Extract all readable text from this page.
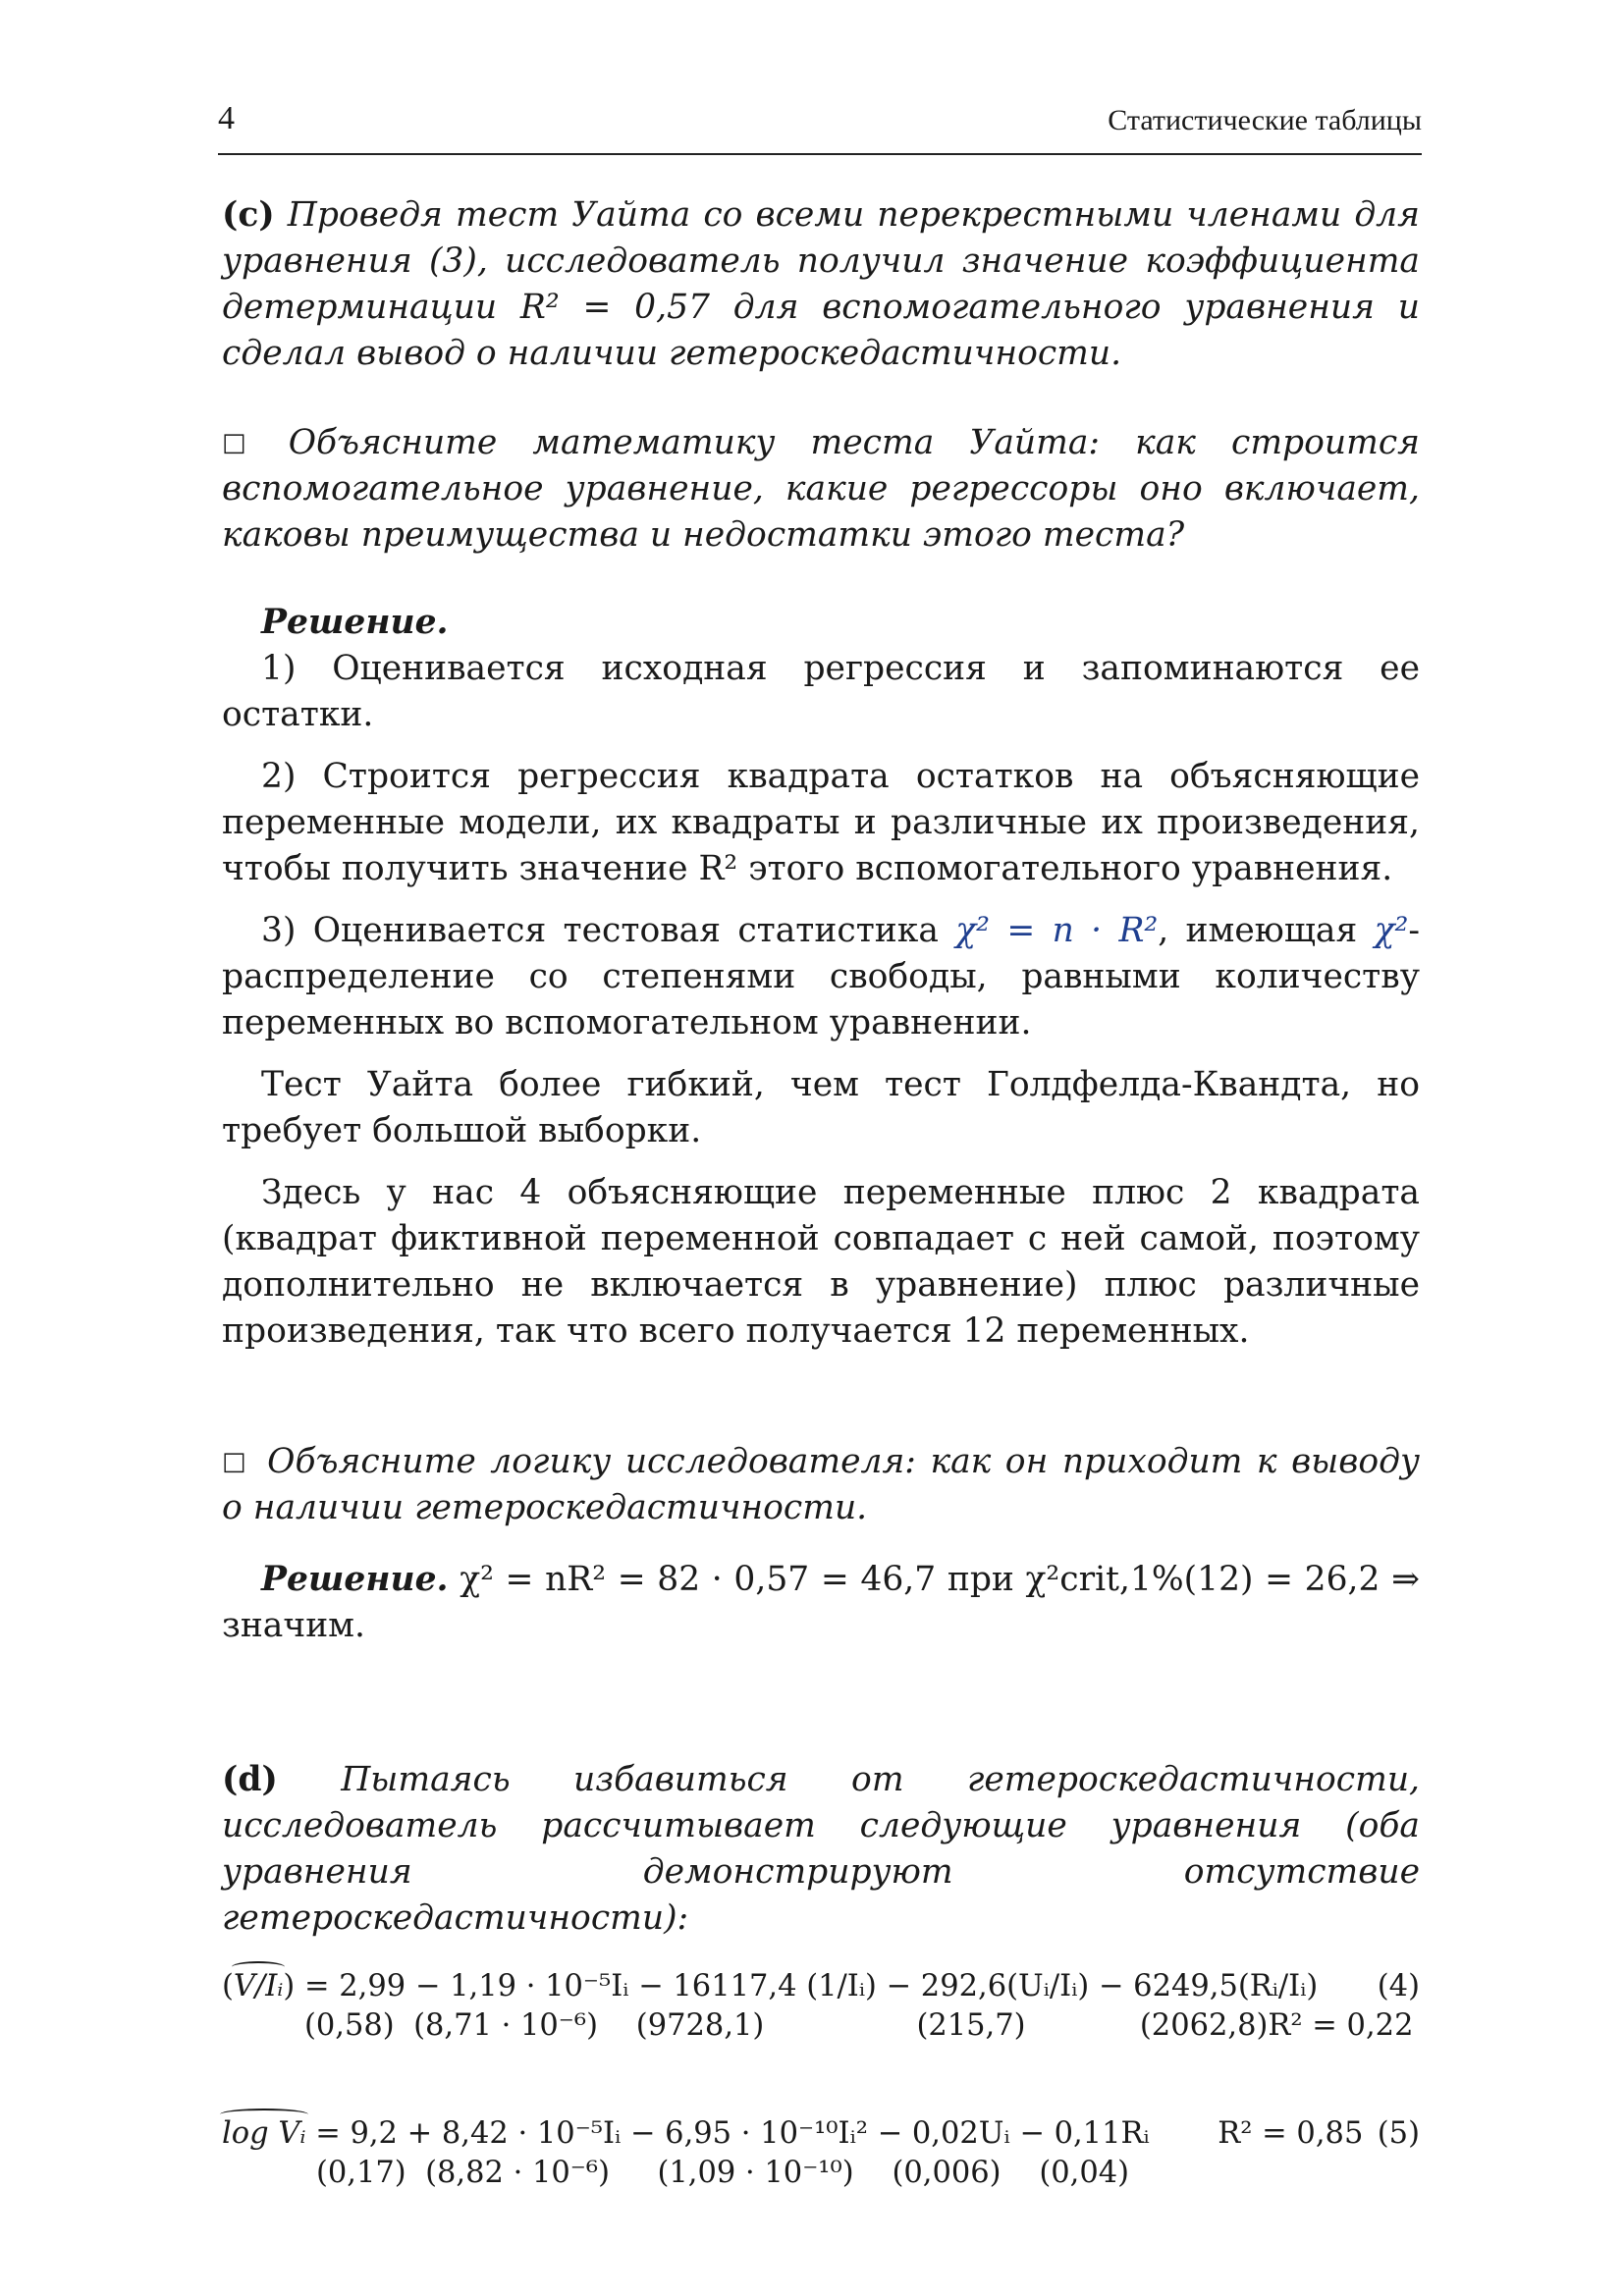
4	Статистические таблицы

(c) Проведя тест Уайта со всеми перекрестными членами для уравнения (3), исследователь получил значение коэффициента детерминации R² = 0,57 для вспомогательного уравнения и сделал вывод о наличии гетероскедастичности.

□ Объясните математику теста Уайта: как строится вспомогательное уравнение, какие регрессоры оно включает, каковы преимущества и недостатки этого теста?

Решение.

1) Оценивается исходная регрессия и запоминаются ее остатки.

2) Строится регрессия квадрата остатков на объясняющие переменные модели, их квадраты и различные их произведения, чтобы получить значение R² этого вспомогательного уравнения.

3) Оценивается тестовая статистика χ² = n · R², имеющая χ²-распределение со степенями свободы, равными количеству переменных во вспомогательном уравнении.

Тест Уайта более гибкий, чем тест Голдфелда-Квандта, но требует большой выборки.

Здесь у нас 4 объясняющие переменные плюс 2 квадрата (квадрат фиктивной переменной совпадает с ней самой, поэтому дополнительно не включается в уравнение) плюс различные произведения, так что всего получается 12 переменных.

□ Объясните логику исследователя: как он приходит к выводу о наличии гетероскедастичности.

Решение. χ² = nR² = 82 · 0,57 = 46,7 при χ²crit,1%(12) = 26,2 ⇒ значим.

(d) Пытаясь избавиться от гетероскедастичности, исследователь рассчитывает следующие уравнения (оба уравнения демонстрируют отсутствие гетероскедастичности):

(V/Iᵢ) = 2,99 − 1,19 · 10⁻⁵Iᵢ − 16117,4 (1/Iᵢ) − 292,6(Uᵢ/Iᵢ) − 6249,5(Rᵢ/Iᵢ)
(0,58)  (8,71 · 10⁻⁶)    (9728,1)                (215,7)            (2062,8)R² = 0,22
(4)
log Vᵢ = 9,2 + 8,42 · 10⁻⁵Iᵢ − 6,95 · 10⁻¹⁰Iᵢ² − 0,02Uᵢ − 0,11Rᵢ R² = 0,85
(0,17)  (8,82 · 10⁻⁶)     (1,09 · 10⁻¹⁰)    (0,006)    (0,04)
(5)
